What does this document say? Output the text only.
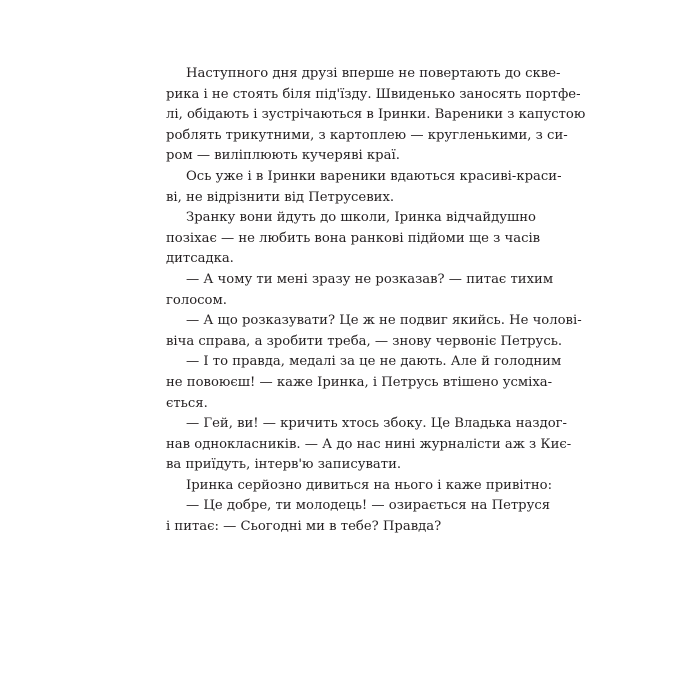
Наступного дня друзі вперше не повертають до скве-
рика і не стоять біля під'їзду. Швиденько заносять портфе-
лі, обідають і зустрічаються в Іринки. Вареники з капустою
роблять трикутними, з картоплею — кругленькими, з си-
ром — виліплюють кучеряві краї.
Ось уже і в Іринки вареники вдаються красиві-краси-
ві, не відрізнити від Петрусевих.
Зранку вони йдуть до школи, Іринка відчайдушно
позіхає — не любить вона ранкові підйоми ще з часів
дитсадка.
— А чому ти мені зразу не розказав? — питає тихим
голосом.
— А що розказувати? Це ж не подвиг якийсь. Не чолові-
віча справа, а зробити треба, — знову червоніє Петрусь.
— І то правда, медалі за це не дають. Але й голодним
не повоюєш! — каже Іринка, і Петрусь втішено усміха-
ється.
— Гей, ви! — кричить хтось збоку. Це Владька наздог-
нав однокласників. — А до нас нині журналісти аж з Киє-
ва приїдуть, інтерв'ю записувати.
Іринка серйозно дивиться на нього і каже привітно:
— Це добре, ти молодець! — озирається на Петруся
і питає: — Сьогодні ми в тебе? Правда?
